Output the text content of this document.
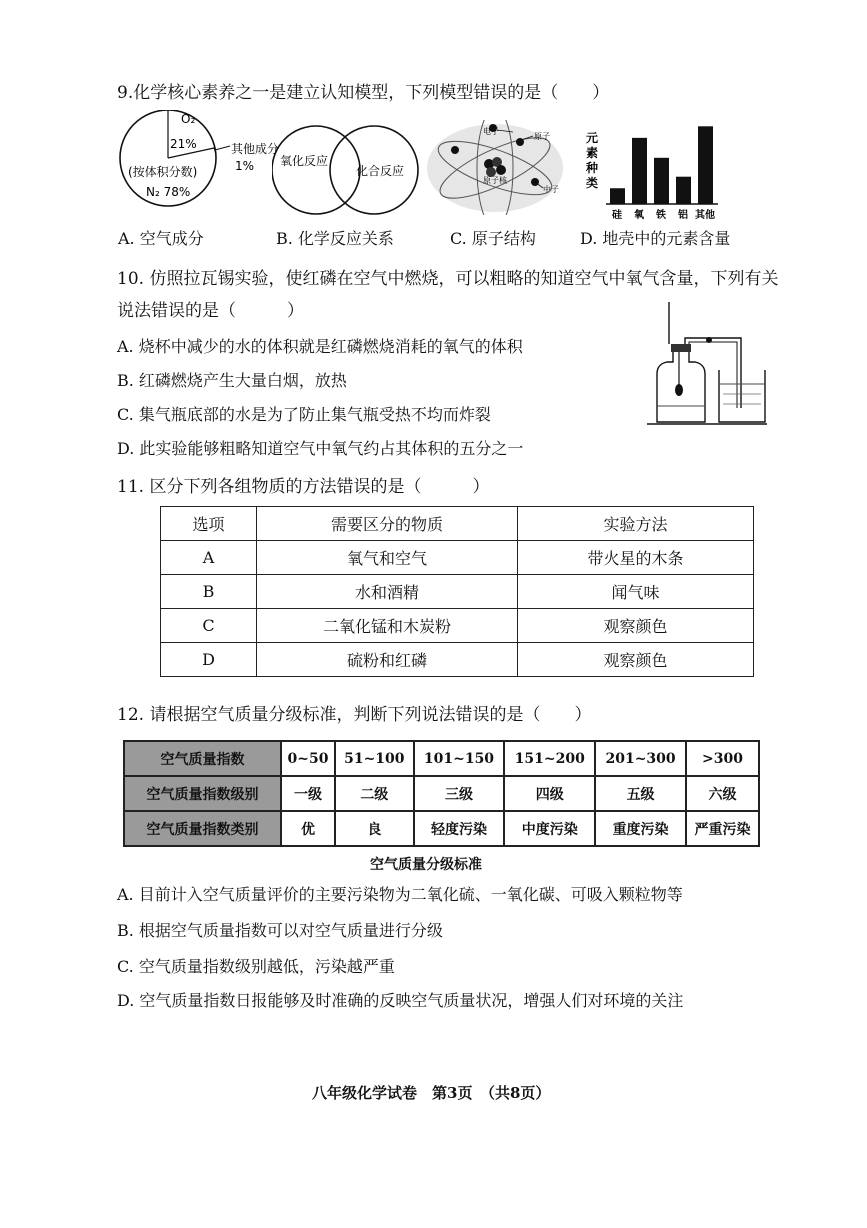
9.化学核心素养之一是建立认知模型，下列模型错误的是（　　）
O₂
21%	其他成分
1%
(按体积分数)
N₂ 78%
氧化反应
化合反应
电子
原子
原子核
中子
元
素
种
类
硅 氧 铁 铝 其他
A. 空气成分	B. 化学反应关系	C. 原子结构	D. 地壳中的元素含量
10. 仿照拉瓦锡实验，使红磷在空气中燃烧，可以粗略的知道空气中氧气含量，下列有关
说法错误的是（　　　）
A. 烧杯中减少的水的体积就是红磷燃烧消耗的氧气的体积
B. 红磷燃烧产生大量白烟，放热
C. 集气瓶底部的水是为了防止集气瓶受热不均而炸裂
D. 此实验能够粗略知道空气中氧气约占其体积的五分之一
11. 区分下列各组物质的方法错误的是（　　　）
选项	需要区分的物质	实验方法
A	氧气和空气	带火星的木条
B	水和酒精	闻气味
C	二氧化锰和木炭粉	观察颜色
D	硫粉和红磷	观察颜色
12. 请根据空气质量分级标准，判断下列说法错误的是（　　）
空气质量指数	0~50	51~100	101~150	151~200	201~300	>300
空气质量指数级别	一级	二级	三级	四级	五级	六级
空气质量指数类别	优	良	轻度污染	中度污染	重度污染	严重污染
空气质量分级标准
A. 目前计入空气质量评价的主要污染物为二氧化硫、一氧化碳、可吸入颗粒物等
B. 根据空气质量指数可以对空气质量进行分级
C. 空气质量指数级别越低，污染越严重
D. 空气质量指数日报能够及时准确的反映空气质量状况，增强人们对环境的关注
八年级化学试卷　第3页　（共8页）
